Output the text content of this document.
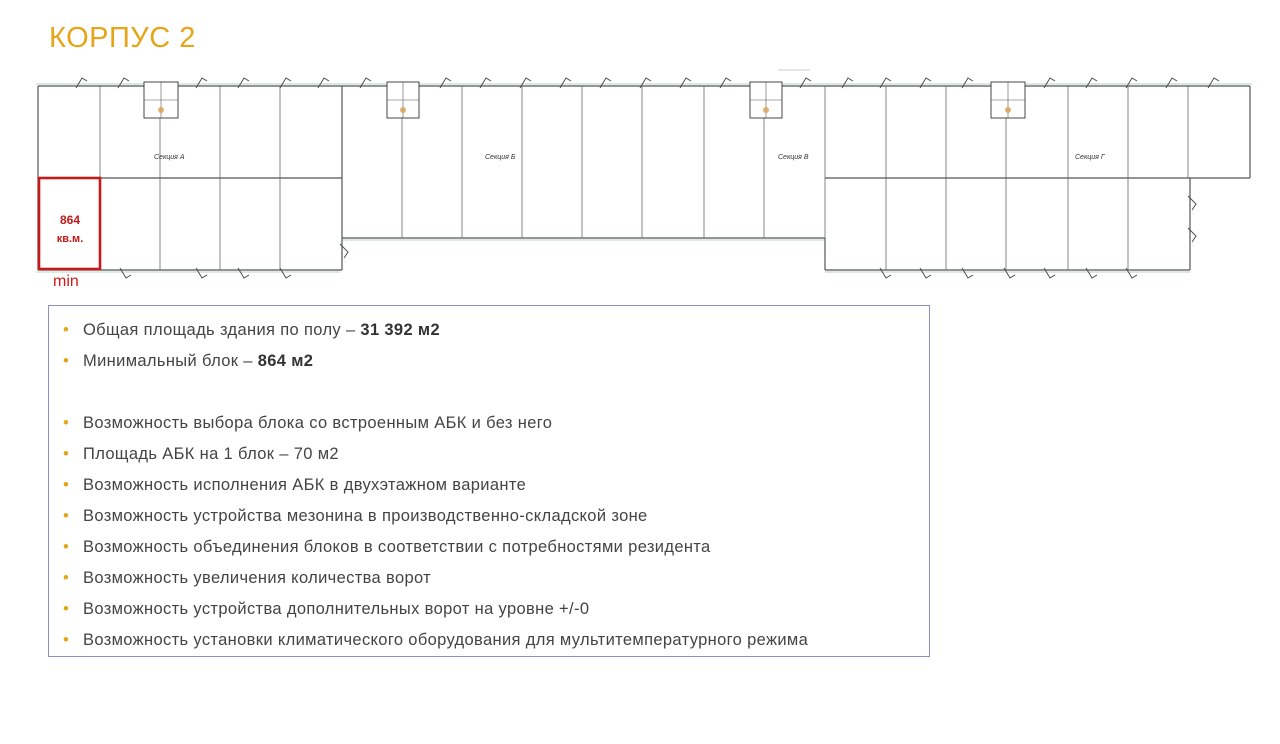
КОРПУС 2
Секция А	Секция Б	Секция В	Секция Г
864
кв.м.
min
• Общая площадь здания по полу – 31 392 м2
• Минимальный блок – 864 м2
• Возможность выбора блока со встроенным АБК и без него
• Площадь АБК на 1 блок – 70 м2
• Возможность исполнения АБК в двухэтажном варианте
• Возможность устройства мезонина в производственно-складской зоне
• Возможность объединения блоков в соответствии с потребностями резидента
• Возможность увеличения количества ворот
• Возможность устройства дополнительных ворот на уровне +/-0
• Возможность установки климатического оборудования для мультитемпературного режима
